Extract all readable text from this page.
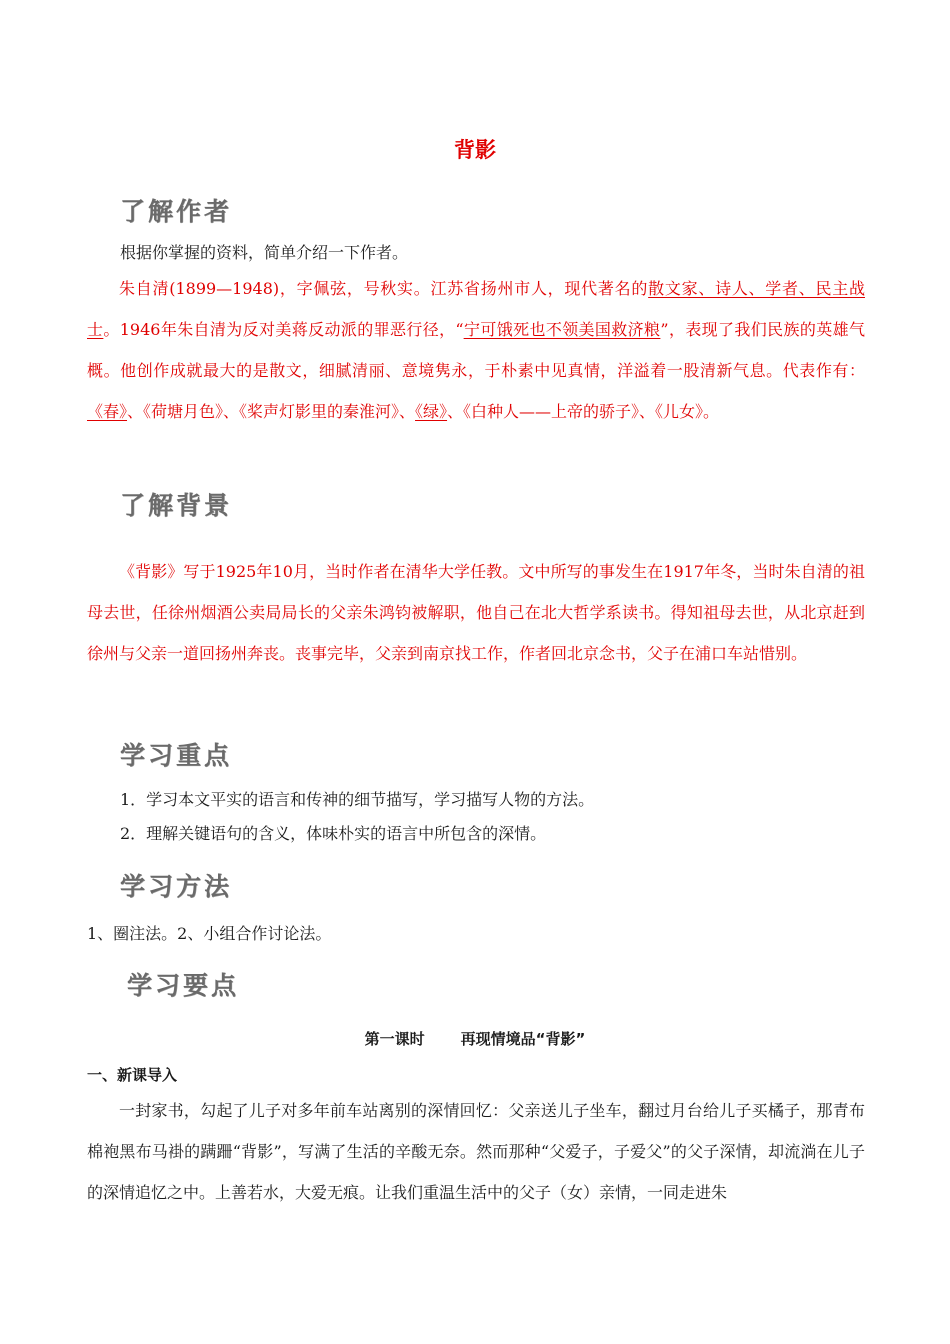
背影
了解作者
根据你掌握的资料，简单介绍一下作者。
朱自清(1899—1948)，字佩弦，号秋实。江苏省扬州市人，现代著名的散文家、诗人、学者、民主战士。1946年朱自清为反对美蒋反动派的罪恶行径，“宁可饿死也不领美国救济粮”，表现了我们民族的英雄气概。他创作成就最大的是散文，细腻清丽、意境隽永，于朴素中见真情，洋溢着一股清新气息。代表作有：《春》、《荷塘月色》、《桨声灯影里的秦淮河》、《绿》、《白种人——上帝的骄子》、《儿女》。
了解背景
《背影》写于1925年10月，当时作者在清华大学任教。文中所写的事发生在1917年冬，当时朱自清的祖母去世，任徐州烟酒公卖局局长的父亲朱鸿钧被解职，他自己在北大哲学系读书。得知祖母去世，从北京赶到徐州与父亲一道回扬州奔丧。丧事完毕，父亲到南京找工作，作者回北京念书，父子在浦口车站惜别。
学习重点
1．学习本文平实的语言和传神的细节描写，学习描写人物的方法。
2．理解关键语句的含义，体味朴实的语言中所包含的深情。
学习方法
1、圈注法。2、小组合作讨论法。
学习要点
第一课时 再现情境品“背影”
一、新课导入
一封家书，勾起了儿子对多年前车站离别的深情回忆：父亲送儿子坐车，翻过月台给儿子买橘子，那青布棉袍黑布马褂的蹒跚“背影”，写满了生活的辛酸无奈。然而那种“父爱子，子爱父”的父子深情，却流淌在儿子的深情追忆之中。上善若水，大爱无痕。让我们重温生活中的父子（女）亲情，一同走进朱
